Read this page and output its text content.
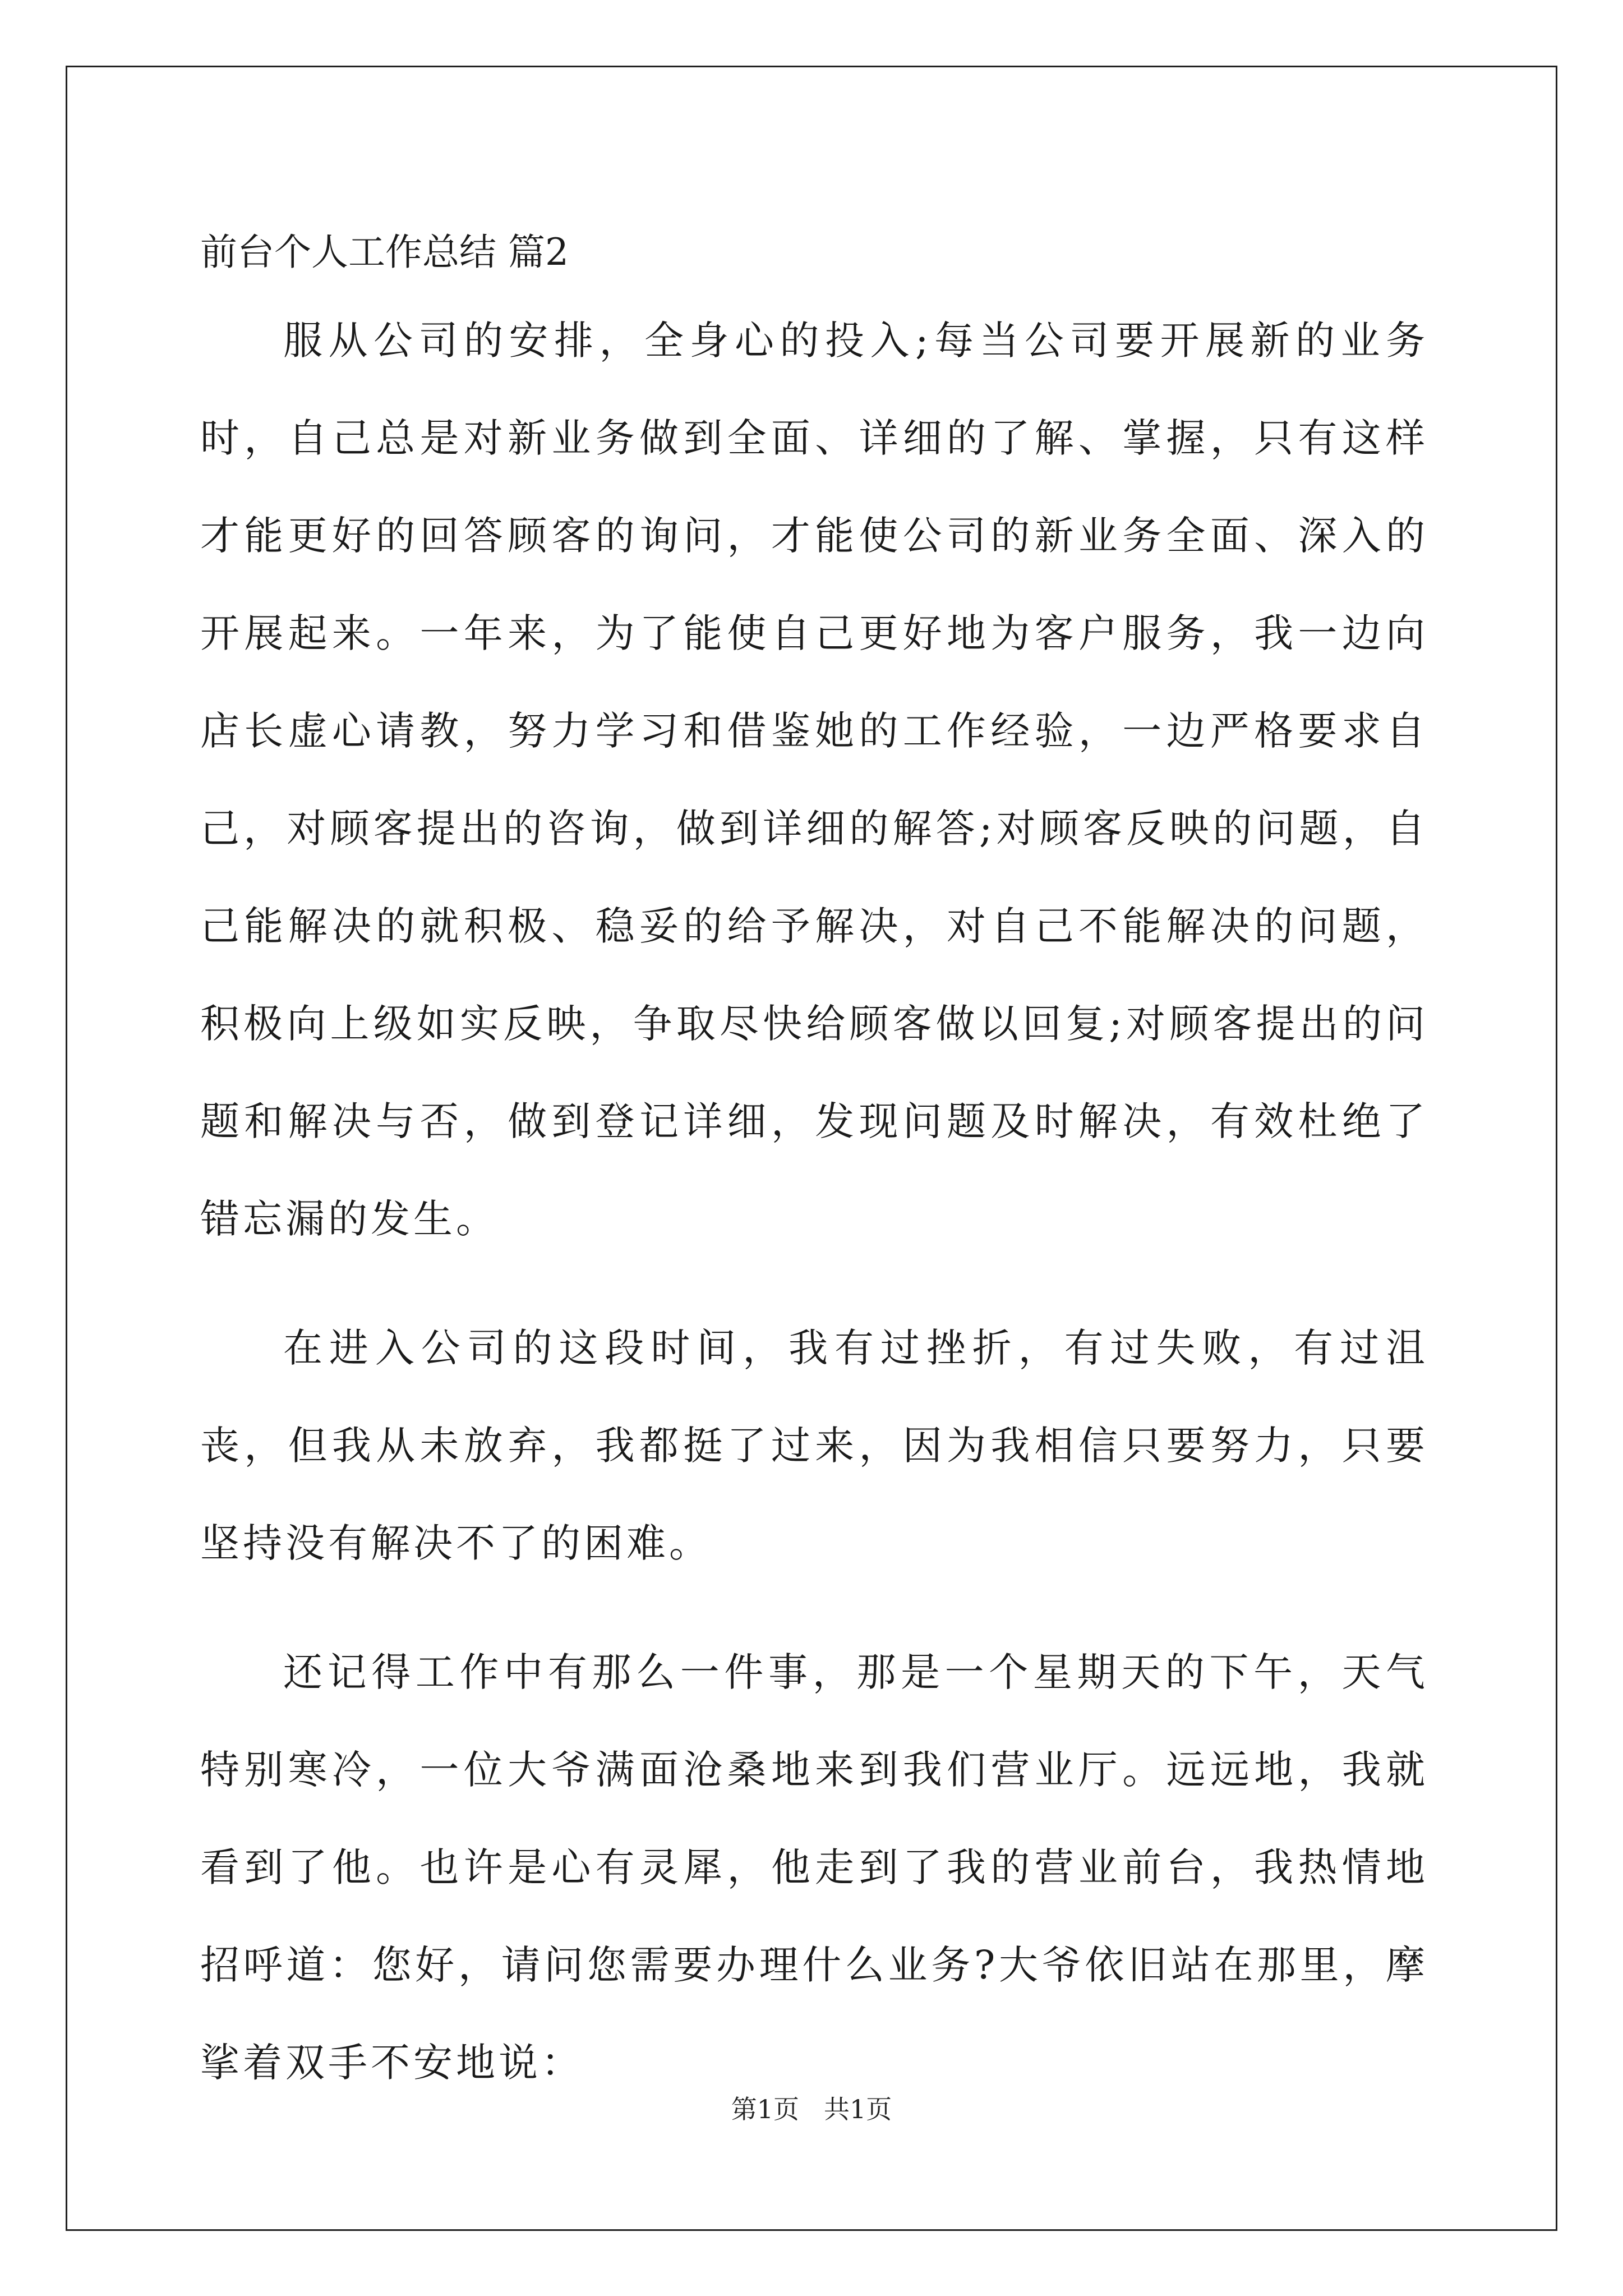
前台个人工作总结 篇2

服从公司的安排，全身心的投入;每当公司要开展新的业务时，自己总是对新业务做到全面、详细的了解、掌握，只有这样才能更好的回答顾客的询问，才能使公司的新业务全面、深入的开展起来。一年来，为了能使自己更好地为客户服务，我一边向店长虚心请教，努力学习和借鉴她的工作经验，一边严格要求自己，对顾客提出的咨询，做到详细的解答;对顾客反映的问题，自己能解决的就积极、稳妥的给予解决，对自己不能解决的问题，积极向上级如实反映，争取尽快给顾客做以回复;对顾客提出的问题和解决与否，做到登记详细，发现问题及时解决，有效杜绝了错忘漏的发生。

在进入公司的这段时间，我有过挫折，有过失败，有过沮丧，但我从未放弃，我都挺了过来，因为我相信只要努力，只要坚持没有解决不了的困难。

还记得工作中有那么一件事，那是一个星期天的下午，天气特别寒冷，一位大爷满面沧桑地来到我们营业厅。远远地，我就看到了他。也许是心有灵犀，他走到了我的营业前台，我热情地招呼道：您好，请问您需要办理什么业务?大爷依旧站在那里，摩挲着双手不安地说：

第1页 共1页
